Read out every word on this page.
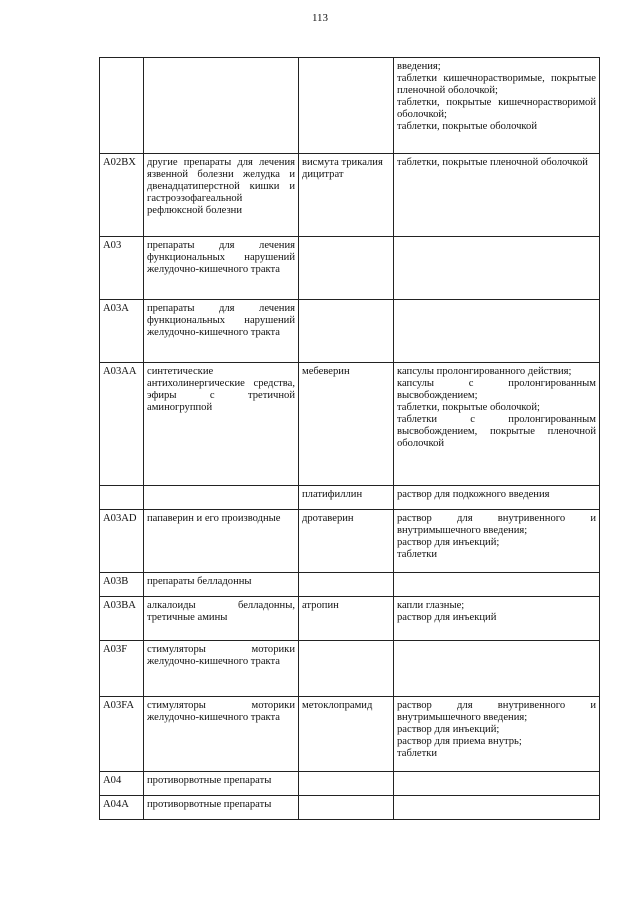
113
			введения;
таблетки кишечнорастворимые, покрытые пленочной оболочкой;
таблетки, покрытые кишечнорастворимой оболочкой;
таблетки, покрытые оболочкой
A02BX	другие препараты для лечения язвенной болезни желудка и двенадцатиперстной кишки и гастроэзофагеальной рефлюксной болезни	висмута трикалия дицитрат	таблетки, покрытые пленочной оболочкой
A03	препараты для лечения функциональных нарушений желудочно-кишечного тракта		
A03A	препараты для лечения функциональных нарушений желудочно-кишечного тракта		
A03AA	синтетические антихолинергические средства, эфиры с третичной аминогруппой	мебеверин	капсулы пролонгированного действия;
капсулы с пролонгированным высвобождением;
таблетки, покрытые оболочкой;
таблетки с пролонгированным высвобождением, покрытые пленочной оболочкой
		платифиллин	раствор для подкожного введения
A03AD	папаверин и его производные	дротаверин	раствор для внутривенного и внутримышечного введения;
раствор для инъекций;
таблетки
A03B	препараты белладонны		
A03BA	алкалоиды белладонны, третичные амины	атропин	капли глазные;
раствор для инъекций
A03F	стимуляторы моторики желудочно-кишечного тракта		
A03FA	стимуляторы моторики желудочно-кишечного тракта	метоклопрамид	раствор для внутривенного и внутримышечного введения;
раствор для инъекций;
раствор для приема внутрь;
таблетки
A04	противорвотные препараты		
A04A	противорвотные препараты		
